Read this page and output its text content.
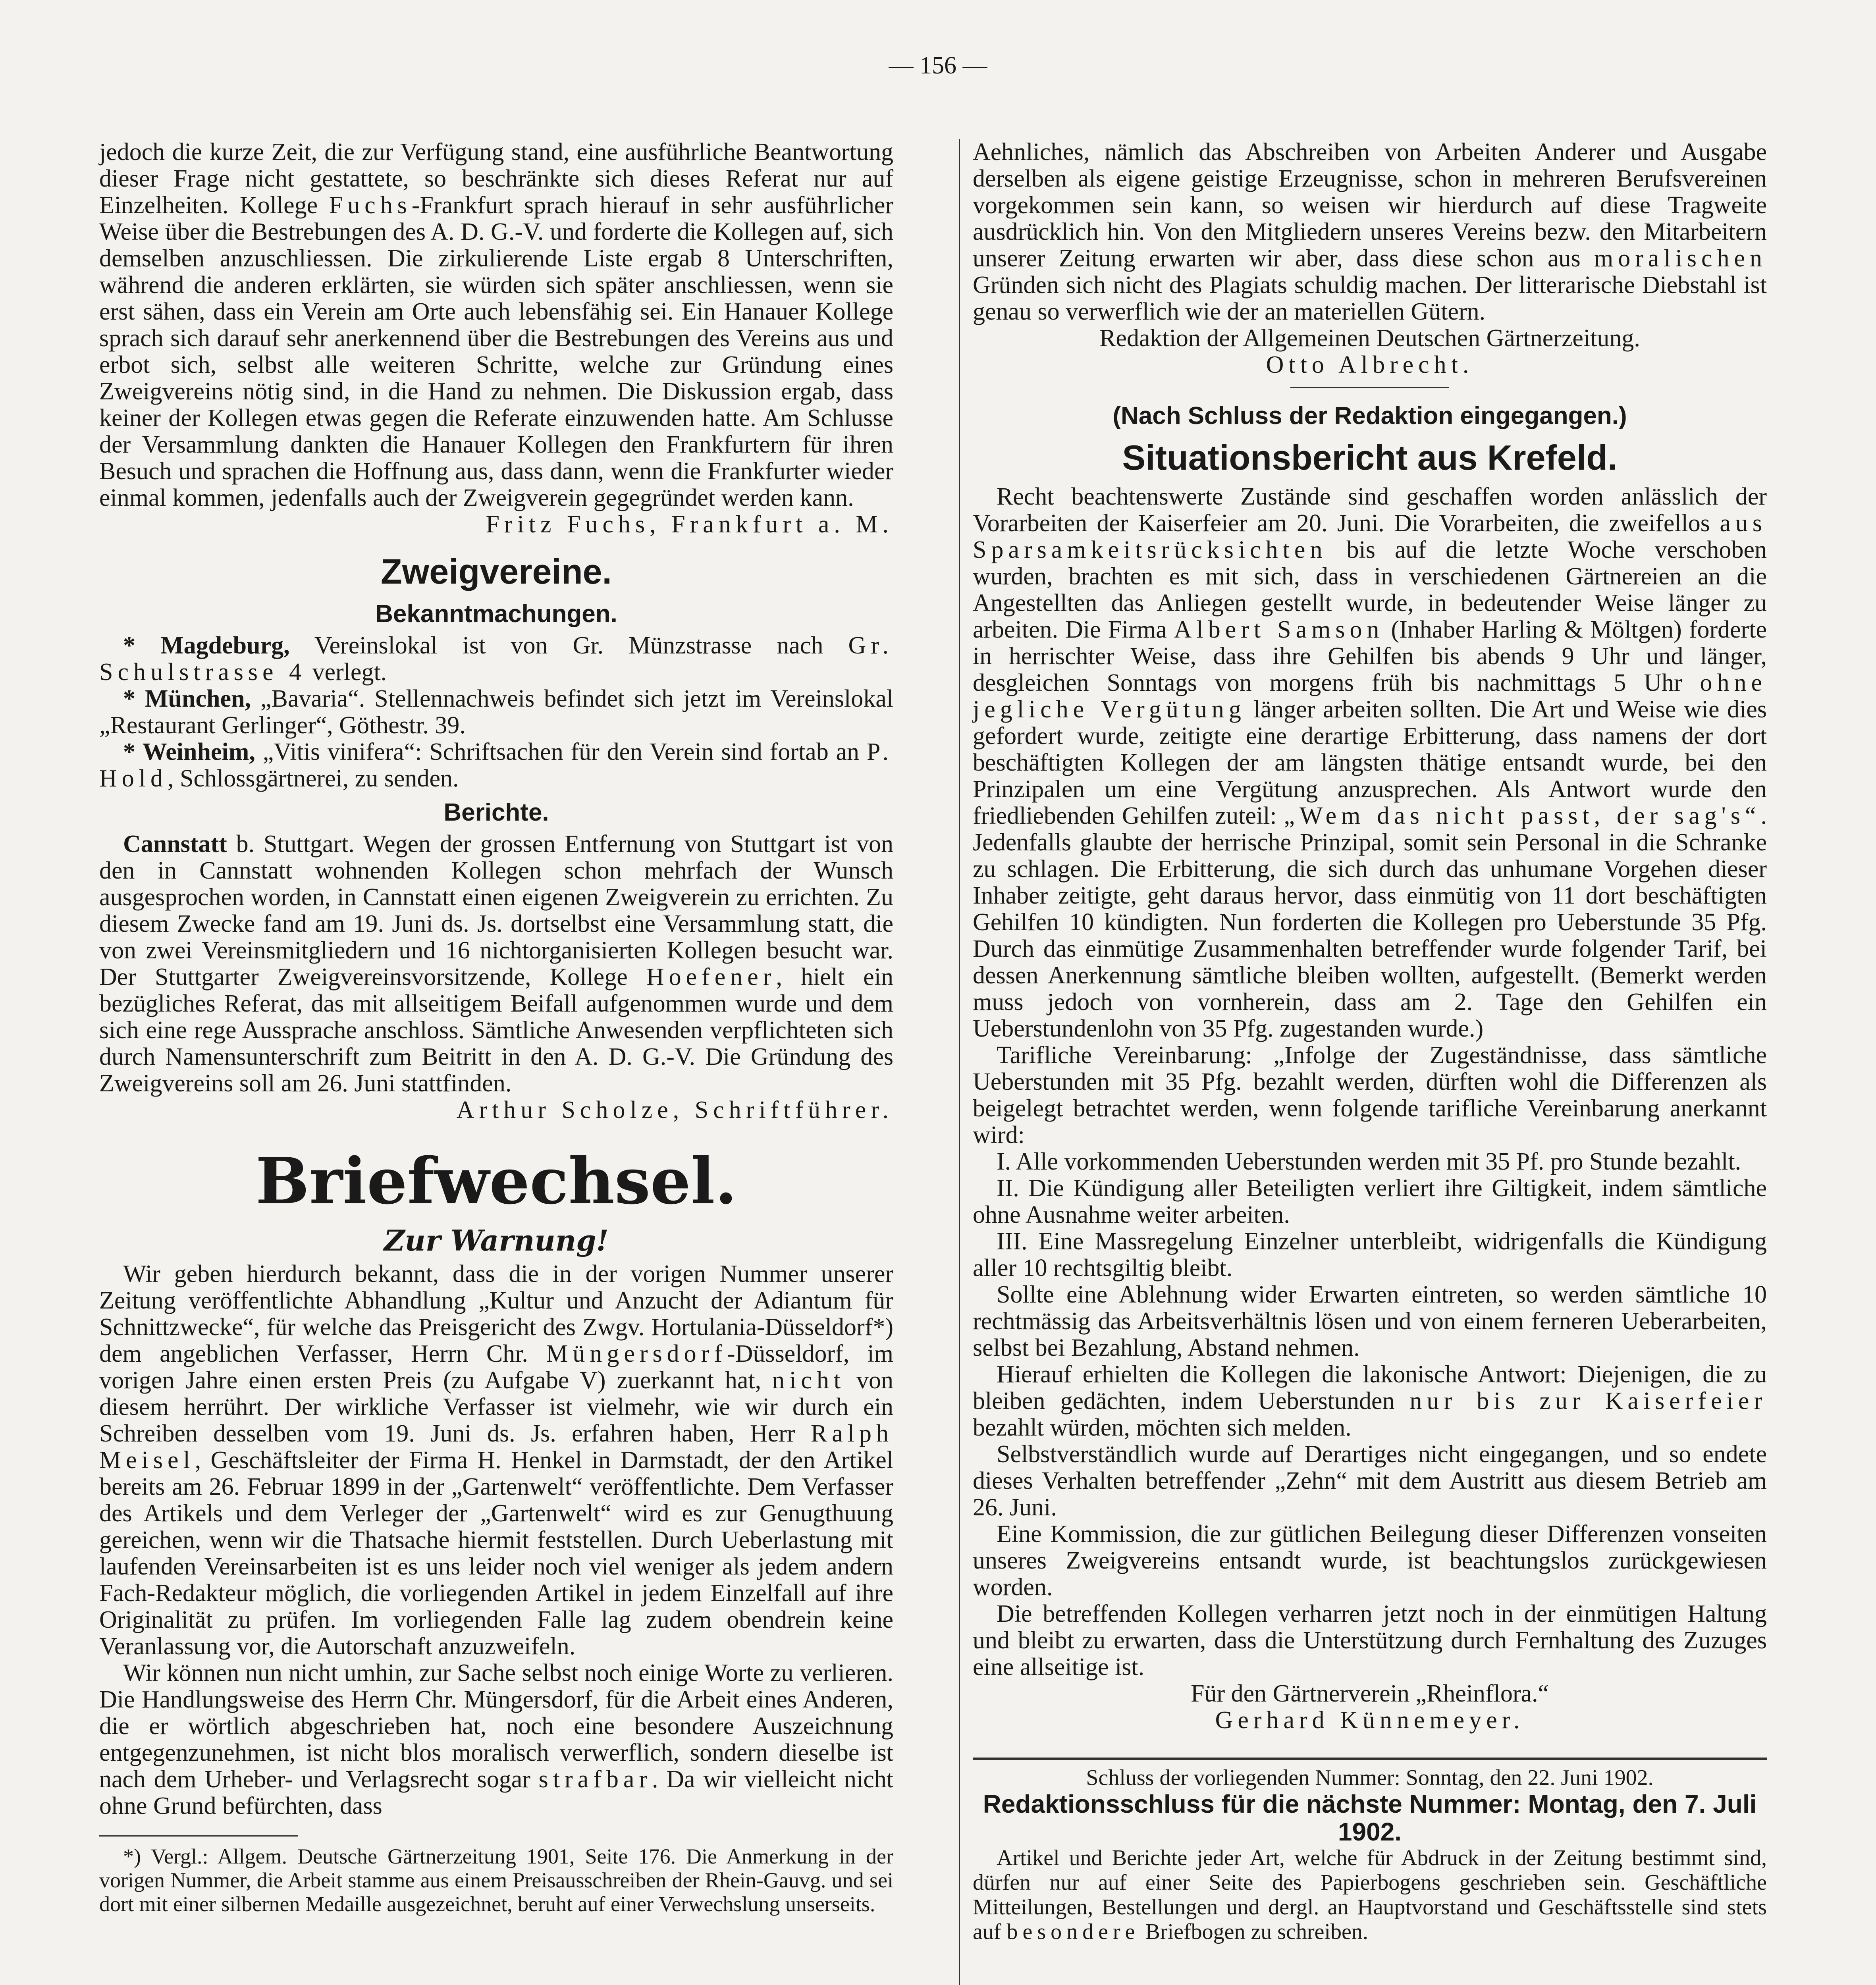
— 156 —

jedoch die kurze Zeit, die zur Verfügung stand, eine ausführliche Beantwortung dieser Frage nicht gestattete, so beschränkte sich dieses Referat nur auf Einzelheiten. Kollege Fuchs-Frankfurt sprach hierauf in sehr ausführlicher Weise über die Bestrebungen des A. D. G.-V. und forderte die Kollegen auf, sich demselben anzuschliessen. Die zirkulierende Liste ergab 8 Unterschriften, während die anderen erklärten, sie würden sich später anschliessen, wenn sie erst sähen, dass ein Verein am Orte auch lebensfähig sei. Ein Hanauer Kollege sprach sich darauf sehr anerkennend über die Bestrebungen des Vereins aus und erbot sich, selbst alle weiteren Schritte, welche zur Gründung eines Zweigvereins nötig sind, in die Hand zu nehmen. Die Diskussion ergab, dass keiner der Kollegen etwas gegen die Referate einzuwenden hatte. Am Schlusse der Versammlung dankten die Hanauer Kollegen den Frankfurtern für ihren Besuch und sprachen die Hoffnung aus, dass dann, wenn die Frankfurter wieder einmal kommen, jedenfalls auch der Zweigverein gegegründet werden kann.

Fritz Fuchs, Frankfurt a. M.

Zweigvereine.
Bekanntmachungen.

* Magdeburg, Vereinslokal ist von Gr. Münzstrasse nach Gr. Schulstrasse 4 verlegt.

* München, „Bavaria“. Stellennachweis befindet sich jetzt im Vereinslokal „Restaurant Gerlinger“, Göthestr. 39.

* Weinheim, „Vitis vinifera“: Schriftsachen für den Verein sind fortab an P. Hold, Schlossgärtnerei, zu senden.

Berichte.

Cannstatt b. Stuttgart. Wegen der grossen Entfernung von Stuttgart ist von den in Cannstatt wohnenden Kollegen schon mehrfach der Wunsch ausgesprochen worden, in Cannstatt einen eigenen Zweigverein zu errichten. Zu diesem Zwecke fand am 19. Juni ds. Js. dortselbst eine Versammlung statt, die von zwei Vereinsmitgliedern und 16 nichtorganisierten Kollegen besucht war. Der Stuttgarter Zweigvereinsvorsitzende, Kollege Hoefener, hielt ein bezügliches Referat, das mit allseitigem Beifall aufgenommen wurde und dem sich eine rege Aussprache anschloss. Sämtliche Anwesenden verpflichteten sich durch Namensunterschrift zum Beitritt in den A. D. G.-V. Die Gründung des Zweigvereins soll am 26. Juni stattfinden.

Arthur Scholze, Schriftführer.

Briefwechsel.
Zur Warnung!

Wir geben hierdurch bekannt, dass die in der vorigen Nummer unserer Zeitung veröffentlichte Abhandlung „Kultur und Anzucht der Adiantum für Schnittzwecke“, für welche das Preisgericht des Zwgv. Hortulania-Düsseldorf*) dem angeblichen Verfasser, Herrn Chr. Müngersdorf-Düsseldorf, im vorigen Jahre einen ersten Preis (zu Aufgabe V) zuerkannt hat, nicht von diesem herrührt. Der wirkliche Verfasser ist vielmehr, wie wir durch ein Schreiben desselben vom 19. Juni ds. Js. erfahren haben, Herr Ralph Meisel, Geschäftsleiter der Firma H. Henkel in Darmstadt, der den Artikel bereits am 26. Februar 1899 in der „Gartenwelt“ veröffentlichte. Dem Verfasser des Artikels und dem Verleger der „Gartenwelt“ wird es zur Genugthuung gereichen, wenn wir die Thatsache hiermit feststellen. Durch Ueberlastung mit laufenden Vereinsarbeiten ist es uns leider noch viel weniger als jedem andern Fach-Redakteur möglich, die vorliegenden Artikel in jedem Einzelfall auf ihre Originalität zu prüfen. Im vorliegenden Falle lag zudem obendrein keine Veranlassung vor, die Autorschaft anzuzweifeln.

Wir können nun nicht umhin, zur Sache selbst noch einige Worte zu verlieren. Die Handlungsweise des Herrn Chr. Müngersdorf, für die Arbeit eines Anderen, die er wörtlich abgeschrieben hat, noch eine besondere Auszeichnung entgegenzunehmen, ist nicht blos moralisch verwerflich, sondern dieselbe ist nach dem Urheber- und Verlagsrecht sogar strafbar. Da wir vielleicht nicht ohne Grund befürchten, dass

*) Vergl.: Allgem. Deutsche Gärtnerzeitung 1901, Seite 176. Die Anmerkung in der vorigen Nummer, die Arbeit stamme aus einem Preisausschreiben der Rhein-Gauvg. und sei dort mit einer silbernen Medaille ausgezeichnet, beruht auf einer Verwechslung unserseits.

Aehnliches, nämlich das Abschreiben von Arbeiten Anderer und Ausgabe derselben als eigene geistige Erzeugnisse, schon in mehreren Berufsvereinen vorgekommen sein kann, so weisen wir hierdurch auf diese Tragweite ausdrücklich hin. Von den Mitgliedern unseres Vereins bezw. den Mitarbeitern unserer Zeitung erwarten wir aber, dass diese schon aus moralischen Gründen sich nicht des Plagiats schuldig machen. Der litterarische Diebstahl ist genau so verwerflich wie der an materiellen Gütern.

Redaktion der Allgemeinen Deutschen Gärtnerzeitung.

Otto Albrecht.

(Nach Schluss der Redaktion eingegangen.)
Situationsbericht aus Krefeld.

Recht beachtenswerte Zustände sind geschaffen worden anlässlich der Vorarbeiten der Kaiserfeier am 20. Juni. Die Vorarbeiten, die zweifellos aus Sparsamkeitsrücksichten bis auf die letzte Woche verschoben wurden, brachten es mit sich, dass in verschiedenen Gärtnereien an die Angestellten das Anliegen gestellt wurde, in bedeutender Weise länger zu arbeiten. Die Firma Albert Samson (Inhaber Harling & Möltgen) forderte in herrischter Weise, dass ihre Gehilfen bis abends 9 Uhr und länger, desgleichen Sonntags von morgens früh bis nachmittags 5 Uhr ohne jegliche Vergütung länger arbeiten sollten. Die Art und Weise wie dies gefordert wurde, zeitigte eine derartige Erbitterung, dass namens der dort beschäftigten Kollegen der am längsten thätige entsandt wurde, bei den Prinzipalen um eine Vergütung anzusprechen. Als Antwort wurde den friedliebenden Gehilfen zuteil: „Wem das nicht passt, der sag's“. Jedenfalls glaubte der herrische Prinzipal, somit sein Personal in die Schranke zu schlagen. Die Erbitterung, die sich durch das unhumane Vorgehen dieser Inhaber zeitigte, geht daraus hervor, dass einmütig von 11 dort beschäftigten Gehilfen 10 kündigten. Nun forderten die Kollegen pro Ueberstunde 35 Pfg. Durch das einmütige Zusammenhalten betreffender wurde folgender Tarif, bei dessen Anerkennung sämtliche bleiben wollten, aufgestellt. (Bemerkt werden muss jedoch von vornherein, dass am 2. Tage den Gehilfen ein Ueberstundenlohn von 35 Pfg. zugestanden wurde.)

Tarifliche Vereinbarung: „Infolge der Zugeständnisse, dass sämtliche Ueberstunden mit 35 Pfg. bezahlt werden, dürften wohl die Differenzen als beigelegt betrachtet werden, wenn folgende tarifliche Vereinbarung anerkannt wird:

I. Alle vorkommenden Ueberstunden werden mit 35 Pf. pro Stunde bezahlt.

II. Die Kündigung aller Beteiligten verliert ihre Giltigkeit, indem sämtliche ohne Ausnahme weiter arbeiten.

III. Eine Massregelung Einzelner unterbleibt, widrigenfalls die Kündigung aller 10 rechtsgiltig bleibt.

Sollte eine Ablehnung wider Erwarten eintreten, so werden sämtliche 10 rechtmässig das Arbeitsverhältnis lösen und von einem ferneren Ueberarbeiten, selbst bei Bezahlung, Abstand nehmen.

Hierauf erhielten die Kollegen die lakonische Antwort: Diejenigen, die zu bleiben gedächten, indem Ueberstunden nur bis zur Kaiserfeier bezahlt würden, möchten sich melden.

Selbstverständlich wurde auf Derartiges nicht eingegangen, und so endete dieses Verhalten betreffender „Zehn“ mit dem Austritt aus diesem Betrieb am 26. Juni.

Eine Kommission, die zur gütlichen Beilegung dieser Differenzen vonseiten unseres Zweigvereins entsandt wurde, ist beachtungslos zurückgewiesen worden.

Die betreffenden Kollegen verharren jetzt noch in der einmütigen Haltung und bleibt zu erwarten, dass die Unterstützung durch Fernhaltung des Zuzuges eine allseitige ist.

Für den Gärtnerverein „Rheinflora.“

Gerhard Künnemeyer.

Schluss der vorliegenden Nummer: Sonntag, den 22. Juni 1902.

Redaktionsschluss für die nächste Nummer: Montag, den 7. Juli 1902.

Artikel und Berichte jeder Art, welche für Abdruck in der Zeitung bestimmt sind, dürfen nur auf einer Seite des Papierbogens geschrieben sein. Geschäftliche Mitteilungen, Bestellungen und dergl. an Hauptvorstand und Geschäftsstelle sind stets auf besondere Briefbogen zu schreiben.
